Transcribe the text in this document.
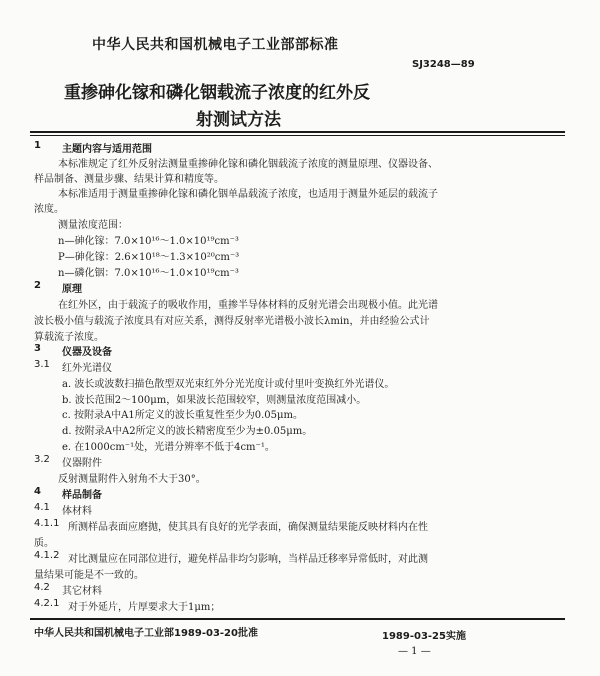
中华人民共和国机械电子工业部部标准
SJ3248—89
重掺砷化镓和磷化铟载流子浓度的红外反
射测试方法
1 主题内容与适用范围
本标准规定了红外反射法测量重掺砷化镓和磷化铟载流子浓度的测量原理、仪器设备、
样品制备、测量步骤、结果计算和精度等。
本标准适用于测量重掺砷化镓和磷化铟单晶载流子浓度，也适用于测量外延层的载流子
浓度。
测量浓度范围：
n—砷化镓：7.0×10¹⁶～1.0×10¹⁹cm⁻³
P—砷化镓：2.6×10¹⁸～1.3×10²⁰cm⁻³
n—磷化铟：7.0×10¹⁶～1.0×10¹⁹cm⁻³
2 原理
在红外区，由于载流子的吸收作用，重掺半导体材料的反射光谱会出现极小值。此光谱
波长极小值与载流子浓度具有对应关系，测得反射率光谱极小波长λmin，并由经验公式计
算载流子浓度。
3 仪器及设备
3.1 红外光谱仪
a. 波长或波数扫描色散型双光束红外分光光度计或付里叶变换红外光谱仪。
b. 波长范围2～100μm，如果波长范围较窄，则测量浓度范围减小。
c. 按附录A中A1所定义的波长重复性至少为0.05μm。
d. 按附录A中A2所定义的波长精密度至少为±0.05μm。
e. 在1000cm⁻¹处，光谱分辨率不低于4cm⁻¹。
3.2 仪器附件
反射测量附件入射角不大于30°。
4 样品制备
4.1 体材料
4.1.1 所测样品表面应磨抛，使其具有良好的光学表面，确保测量结果能反映材料内在性
质。
4.1.2 对比测量应在同部位进行，避免样品非均匀影响，当样品迁移率异常低时，对此测
量结果可能是不一致的。
4.2 其它材料
4.2.1 对于外延片，片厚要求大于1μm；
中华人民共和国机械电子工业部1989-03-20批准	1989-03-25实施
— 1 —
